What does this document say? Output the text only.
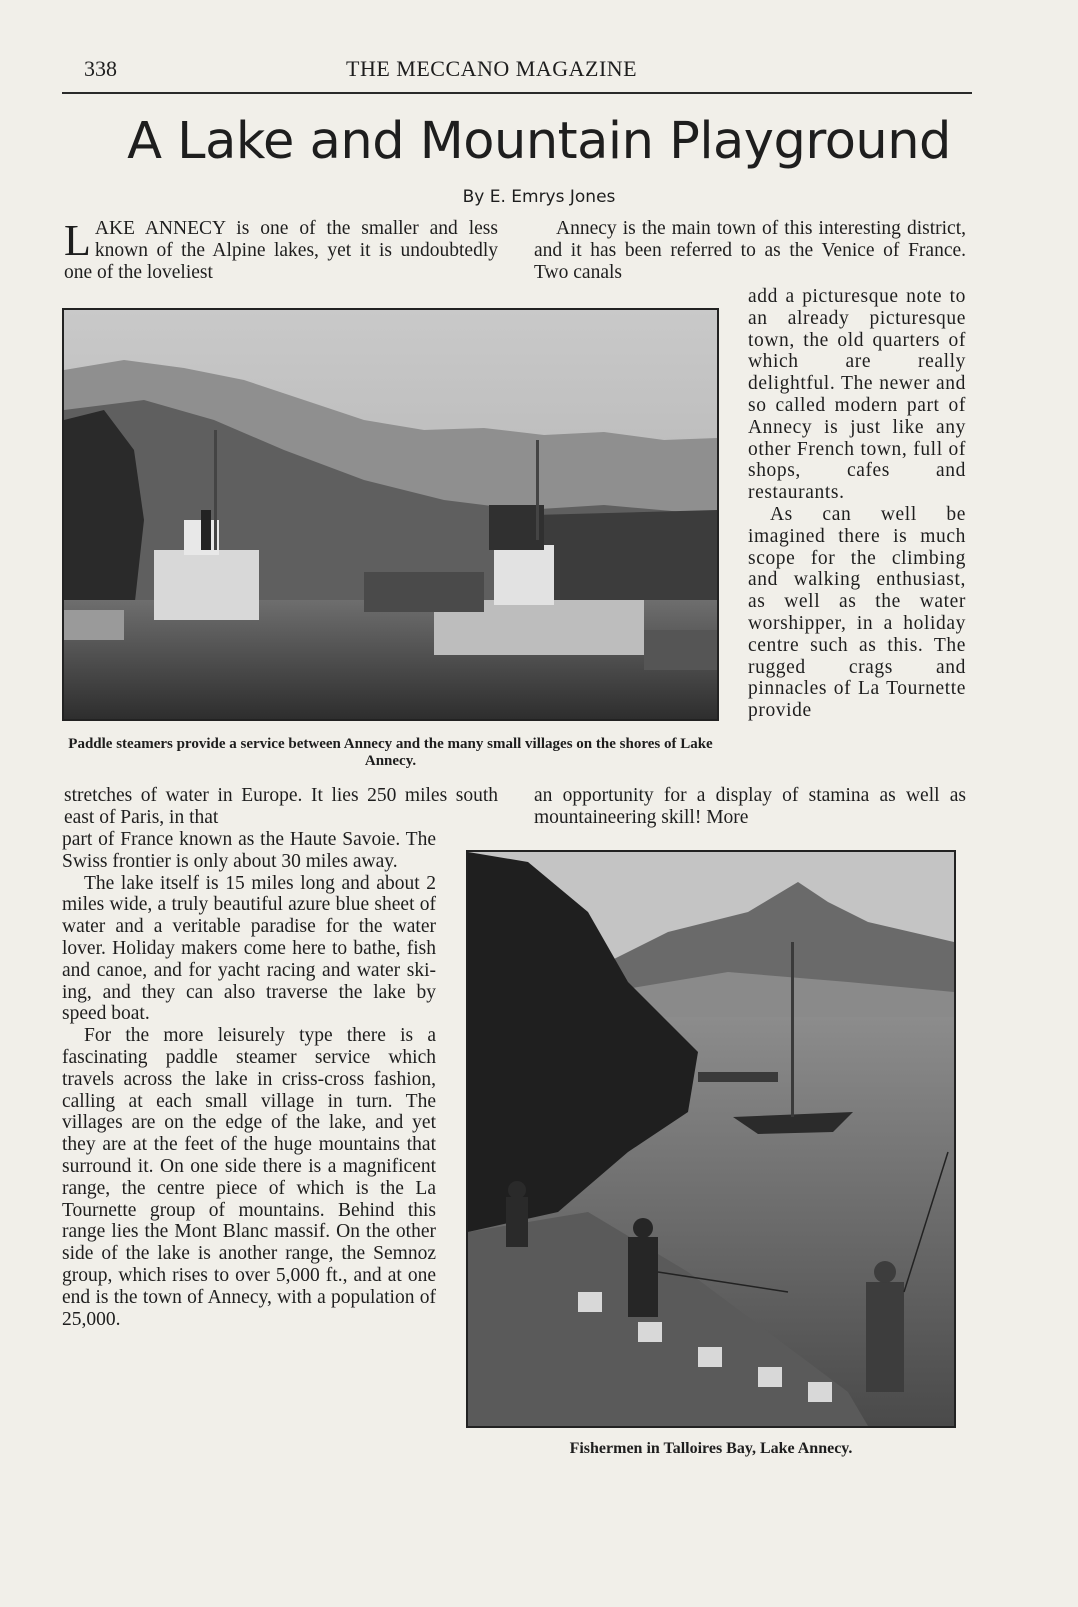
338	THE MECCANO MAGAZINE
A Lake and Mountain Playground
By E. Emrys Jones
LAKE ANNECY is one of the smaller and less known of the Alpine lakes, yet it is undoubtedly one of the loveliest
Annecy is the main town of this interesting district, and it has been referred to as the Venice of France. Two canals
Paddle steamers provide a service between Annecy and the many small villages on the shores of Lake Annecy.

add a picturesque note to an already picturesque town, the old quarters of which are really delightful. The newer and so called modern part of Annecy is just like any other French town, full of shops, cafes and restaurants.

As can well be imagined there is much scope for the climbing and walking enthusiast, as well as the water worshipper, in a holiday centre such as this. The rugged crags and pinnacles of La Tournette provide

stretches of water in Europe. It lies 250 miles south east of Paris, in that
an opportunity for a display of stamina as well as mountaineering skill! More

part of France known as the Haute Savoie. The Swiss frontier is only about 30 miles away.

The lake itself is 15 miles long and about 2 miles wide, a truly beautiful azure blue sheet of water and a veritable paradise for the water lover. Holiday makers come here to bathe, fish and canoe, and for yacht racing and water ski-ing, and they can also traverse the lake by speed boat.

For the more leisurely type there is a fascinating paddle steamer service which travels across the lake in criss-cross fashion, calling at each small village in turn. The villages are on the edge of the lake, and yet they are at the feet of the huge mountains that surround it. On one side there is a magnificent range, the centre piece of which is the La Tournette group of mountains. Behind this range lies the Mont Blanc massif. On the other side of the lake is another range, the Semnoz group, which rises to over 5,000 ft., and at one end is the town of Annecy, with a population of 25,000.

Fishermen in Talloires Bay, Lake Annecy.
